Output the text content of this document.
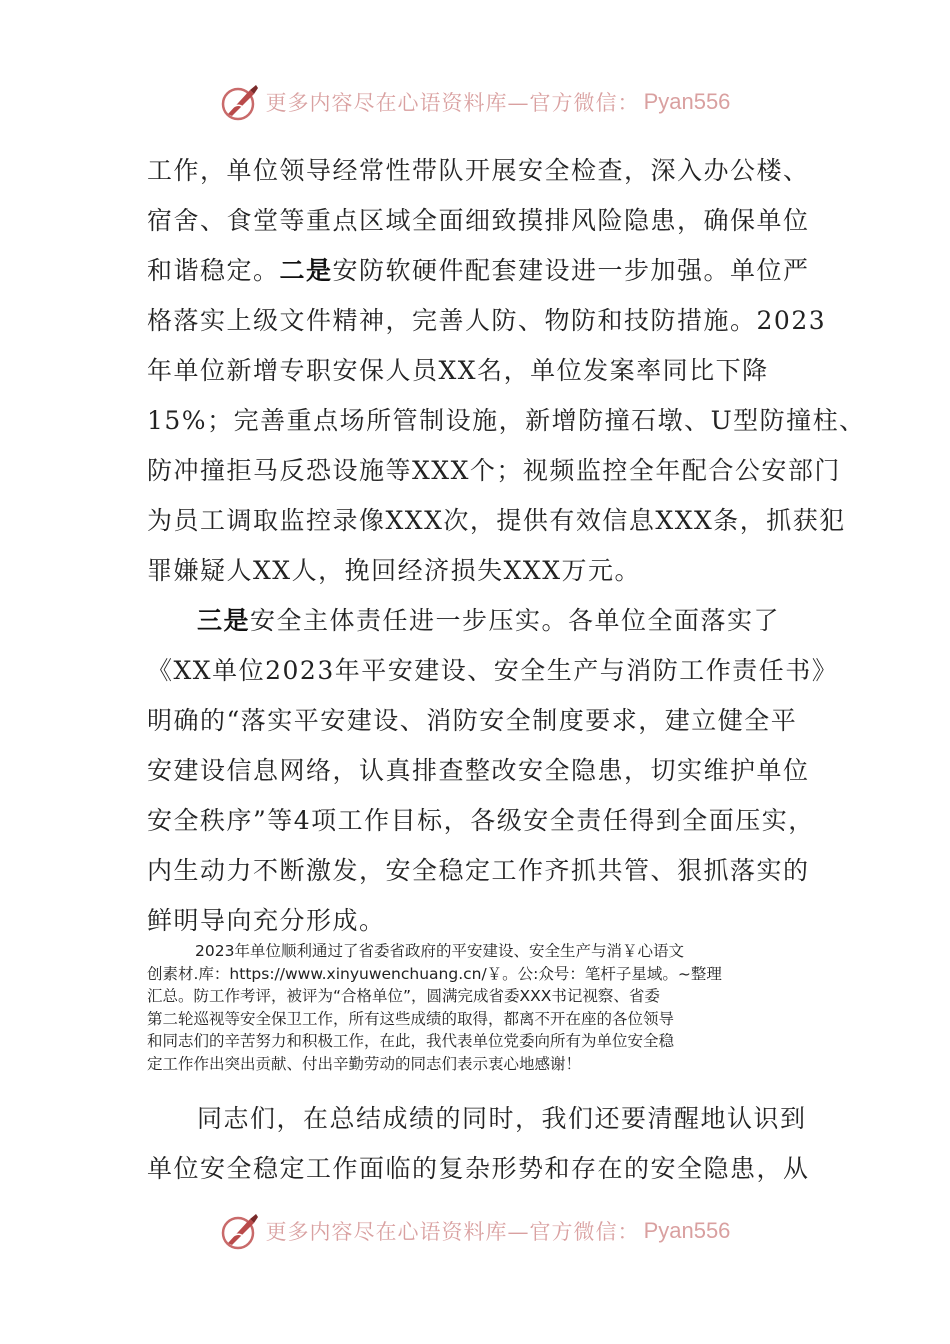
更多内容尽在心语资料库—官方微信： Pyan556
工作，单位领导经常性带队开展安全检查，深入办公楼、
宿舍、食堂等重点区域全面细致摸排风险隐患，确保单位
和谐稳定。二是安防软硬件配套建设进一步加强。单位严
格落实上级文件精神，完善人防、物防和技防措施。2023
年单位新增专职安保人员XX名，单位发案率同比下降
15%；完善重点场所管制设施，新增防撞石墩、U型防撞柱、
防冲撞拒马反恐设施等XXX个；视频监控全年配合公安部门
为员工调取监控录像XXX次，提供有效信息XXX条，抓获犯
罪嫌疑人XX人，挽回经济损失XXX万元。
三是安全主体责任进一步压实。各单位全面落实了
《XX单位2023年平安建设、安全生产与消防工作责任书》
明确的“落实平安建设、消防安全制度要求，建立健全平
安建设信息网络，认真排查整改安全隐患，切实维护单位
安全秩序”等4项工作目标，各级安全责任得到全面压实，
内生动力不断激发，安全稳定工作齐抓共管、狠抓落实的
鲜明导向充分形成。
2023年单位顺利通过了省委省政府的平安建设、安全生产与消￥心语文
创素材.库：https://www.xinyuwenchuang.cn/￥。公:众号：笔杆子星域。~整理
汇总。防工作考评，被评为“合格单位”，圆满完成省委XXX书记视察、省委
第二轮巡视等安全保卫工作，所有这些成绩的取得，都离不开在座的各位领导
和同志们的辛苦努力和积极工作，在此，我代表单位党委向所有为单位安全稳
定工作作出突出贡献、付出辛勤劳动的同志们表示衷心地感谢！
同志们，在总结成绩的同时，我们还要清醒地认识到
单位安全稳定工作面临的复杂形势和存在的安全隐患，从
更多内容尽在心语资料库—官方微信： Pyan556
